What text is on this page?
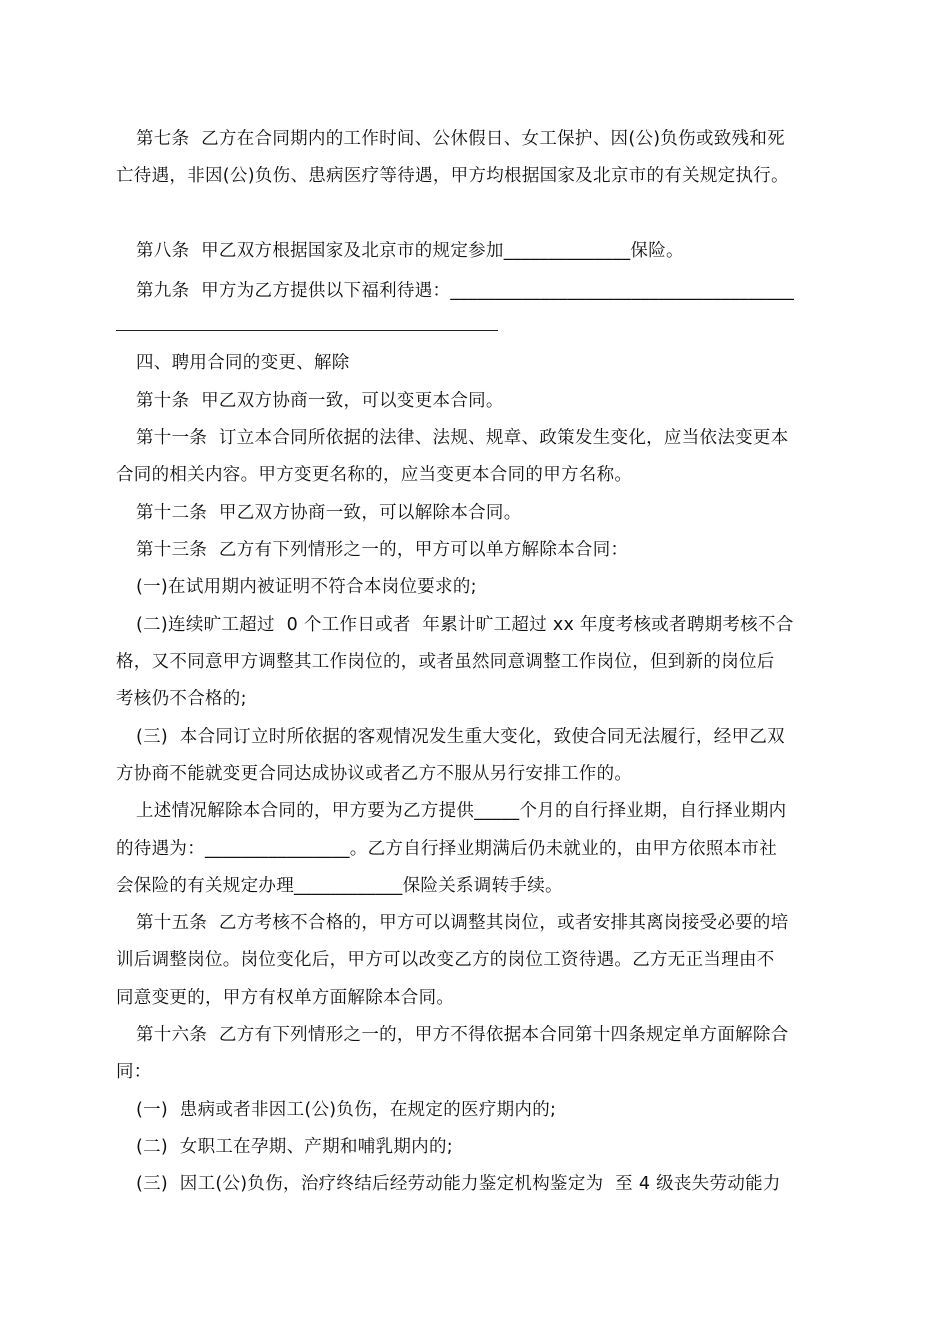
第七条  乙方在合同期内的工作时间、公休假日、女工保护、因(公)负伤或致残和死
亡待遇，非因(公)负伤、患病医疗等待遇，甲方均根据国家及北京市的有关规定执行。
第八条  甲乙双方根据国家及北京市的规定参加______________保险。
第九条  甲方为乙方提供以下福利待遇：______________________________________
四、聘用合同的变更、解除
第十条  甲乙双方协商一致，可以变更本合同。
第十一条  订立本合同所依据的法律、法规、规章、政策发生变化，应当依法变更本
合同的相关内容。甲方变更名称的，应当变更本合同的甲方名称。
第十二条  甲乙双方协商一致，可以解除本合同。
第十三条  乙方有下列情形之一的，甲方可以单方解除本合同：
(一)在试用期内被证明不符合本岗位要求的;
(二)连续旷工超过  0 个工作日或者  年累计旷工超过 xx 年度考核或者聘期考核不合
格，又不同意甲方调整其工作岗位的，或者虽然同意调整工作岗位，但到新的岗位后
考核仍不合格的;
(三)  本合同订立时所依据的客观情况发生重大变化，致使合同无法履行，经甲乙双
方协商不能就变更合同达成协议或者乙方不服从另行安排工作的。
上述情况解除本合同的，甲方要为乙方提供_____个月的自行择业期，自行择业期内
的待遇为：________________。乙方自行择业期满后仍未就业的，由甲方依照本市社
会保险的有关规定办理____________保险关系调转手续。
第十五条  乙方考核不合格的，甲方可以调整其岗位，或者安排其离岗接受必要的培
训后调整岗位。岗位变化后，甲方可以改变乙方的岗位工资待遇。乙方无正当理由不
同意变更的，甲方有权单方面解除本合同。
第十六条  乙方有下列情形之一的，甲方不得依据本合同第十四条规定单方面解除合
同：
(一)  患病或者非因工(公)负伤，在规定的医疗期内的;
(二)  女职工在孕期、产期和哺乳期内的;
(三)  因工(公)负伤，治疗终结后经劳动能力鉴定机构鉴定为  至 4 级丧失劳动能力
